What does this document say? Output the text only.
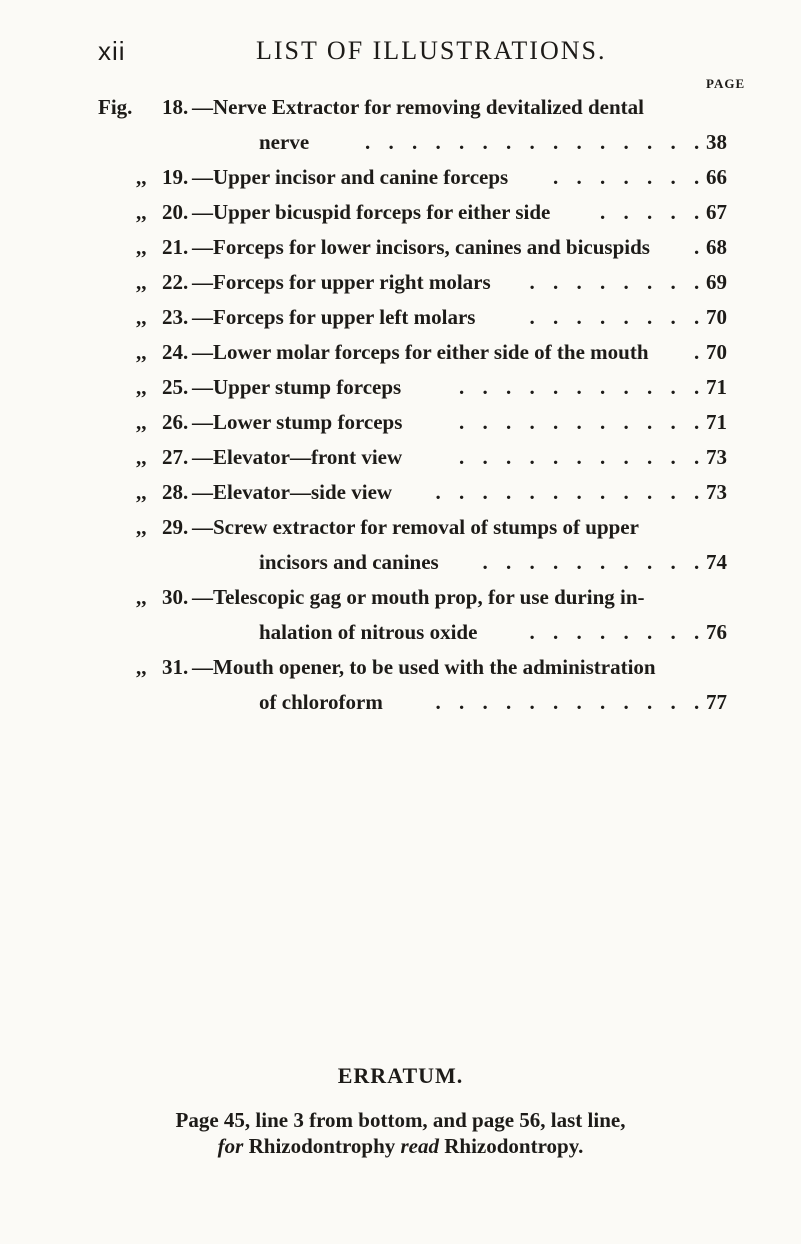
xii	LIST OF ILLUSTRATIONS.
PAGE
Fig.	18. —Nerve Extractor for removing devitalized dental
nerve	. . . . . . . . . . . . . . . 38
,, 19. —Upper incisor and canine forceps . . . . . . . 66
,, 20. —Upper bicuspid forceps for either side . . . . . 67
,, 21. —Forceps for lower incisors, canines and bicuspids . 68
,, 22. —Forceps for upper right molars . . . . . . . . 69
,, 23. —Forceps for upper left molars	. . . . . . . . 70
,, 24. —Lower molar forceps for either side of the mouth . 70
,, 25. —Upper stump forceps	. . . . . . . . . . . 71
,, 26. —Lower stump forceps	. . . . . . . . . . . 71
,, 27. —Elevator—front view	. . . . . . . . . . . 73
,, 28. —Elevator—side view . . . . . . . . . . . . 73
,, 29. —Screw extractor for removal of stumps of upper
incisors and canines . . . . . . . . . . 74
,, 30. —Telescopic gag or mouth prop, for use during in-
halation of nitrous oxide . . . . . . . . 76
,, 31. —Mouth opener, to be used with the administration
of chloroform	. . . . . . . . . . . . 77
ERRATUM.
Page 45, line 3 from bottom, and page 56, last line,
for Rhizodontrophy read Rhizodontropy.
